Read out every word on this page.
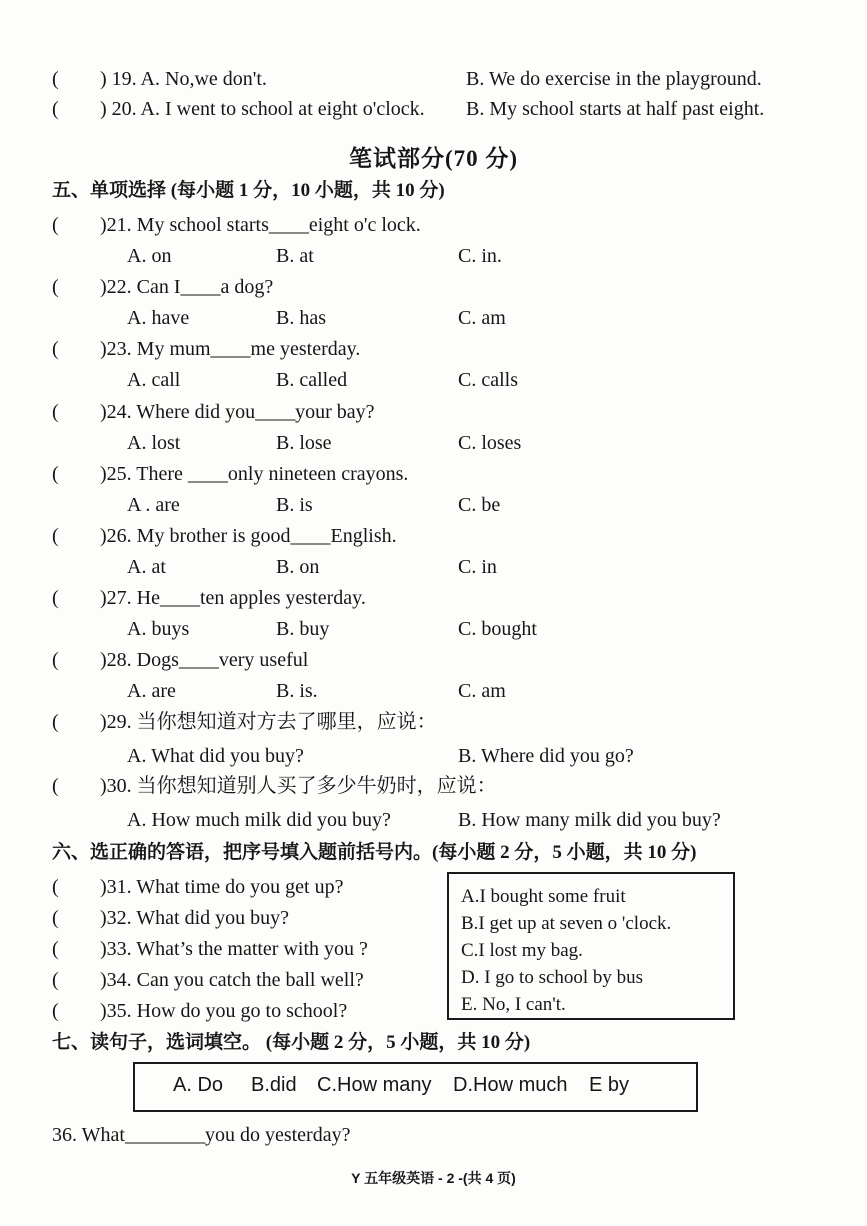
( ) 19. A. No,we don't.	B. We do exercise in the playground.
( ) 20. A. I went to school at eight o'clock. B. My school starts at half past eight.
笔试部分(70 分)
五、单项选择 (每小题 1 分，10 小题，共 10 分)
( )21. My school starts____eight o'c lock.
A. on	B. at	C. in.
( )22. Can I____a dog?
A. have	B. has	C. am
( )23. My mum____me yesterday.
A. call	B. called	C. calls
( )24. Where did you____your bay?
A. lost	B. lose	C. loses
( )25. There ____only nineteen crayons.
A . are	B. is	C. be
( )26. My brother is good____English.
A. at	B. on	C. in
( )27. He____ten apples yesterday.
A. buys	B. buy	C. bought
( )28. Dogs____very useful
A. are	B. is.	C. am
( )29. 当你想知道对方去了哪里，应说：
A. What did you buy?	B. Where did you go?
( )30. 当你想知道别人买了多少牛奶时，应说：
A. How much milk did you buy?	B. How many milk did you buy?
六、选正确的答语，把序号填入题前括号内。(每小题 2 分，5 小题，共 10 分)
( )31. What time do you get up?
( )32. What did you buy?
( )33. What’s the matter with you ?
( )34. Can you catch the ball well?
( )35. How do you go to school?
A.I bought some fruit
B.I get up at seven o 'clock.
C.I lost my bag.
D. I go to school by bus
E. No, I can't.
七、读句子，选词填空。 (每小题 2 分，5 小题，共 10 分)
A. Do B.did C.How many D.How much E by
36. What________you do yesterday?
Y 五年级英语 - 2 -(共 4 页)
